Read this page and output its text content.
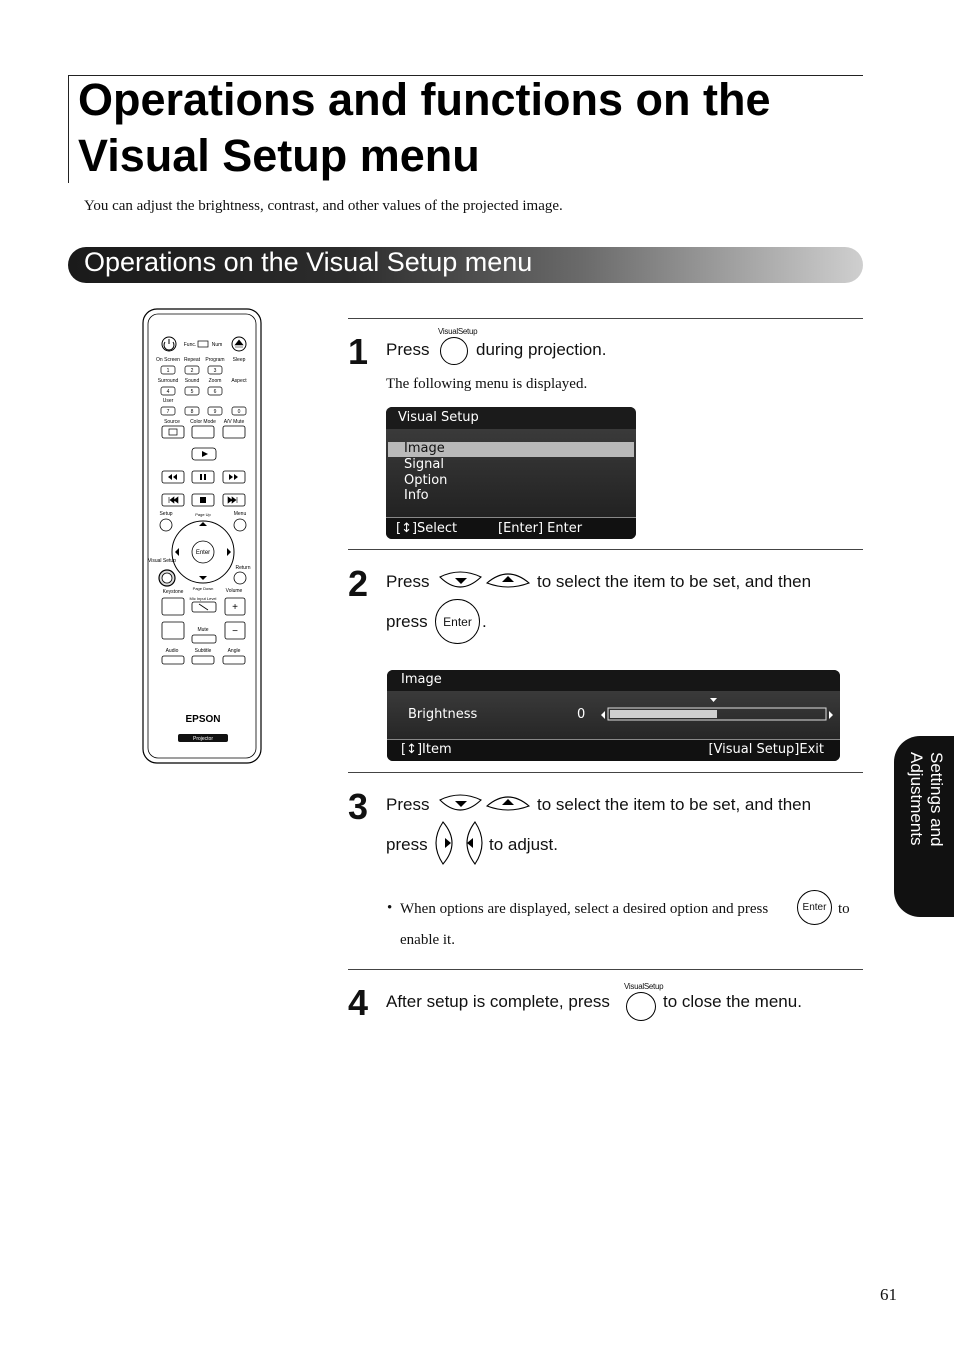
Operations and functions on the Visual Setup menu
You can adjust the brightness, contrast, and other values of the projected image.
Operations on the Visual Setup menu
Func.	Num
On Screen Repeat Program Sleep
Surround Sound Zoom Aspect
User
1	2	3
4	5	6
7	8	9	0
Source Color Mode A/V Mute
Setup	Page Up	Menu
Enter
Visual Setup
Return
Keystone
Page Down Volume
Mic Input Level
+
Mute −
Audio	Subtitle	Angle
EPSON
Projector
1 Press
VisualSetup
during projection.
The following menu is displayed.
Visual Setup
Image
Signal
Option
Info
[↕]Select	[Enter] Enter
2 Press	to select the item to be set, and then
press	Enter .
Image
Brightness	0
[↕]Item	[Visual Setup]Exit
3 Press	to select the item to be set, and then
press	to adjust.
• When options are displayed, select a desired option and press	Enter to
enable it.
4 After setup is complete, press
VisualSetup
to close the menu.
Settings and Adjustments
61
